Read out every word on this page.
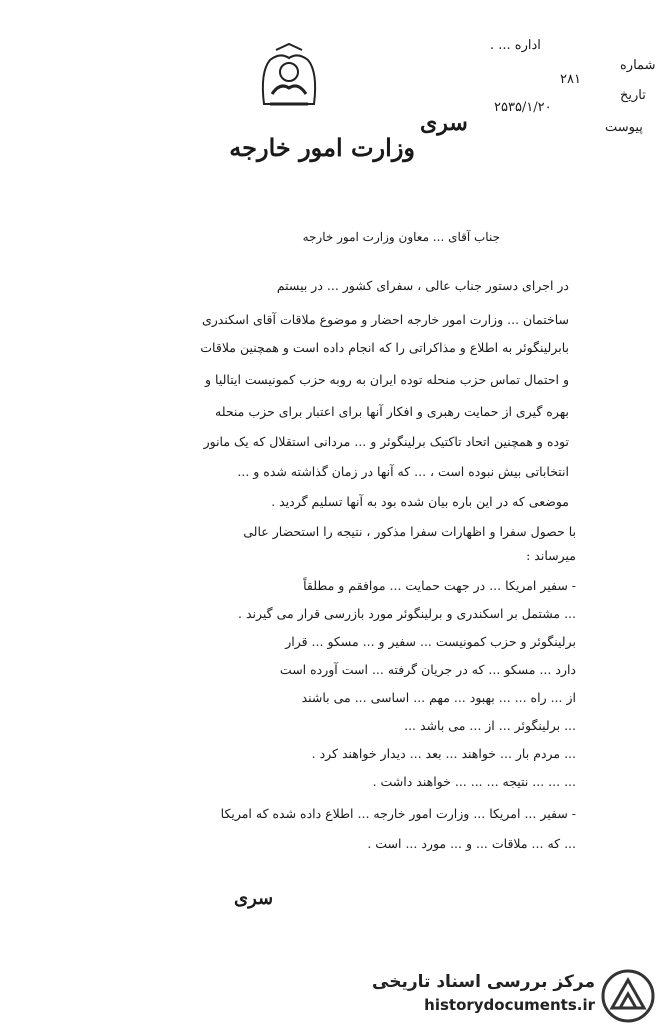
اداره ... .
شماره
۲۸۱
تاریخ
۲۵۳۵/۱/۲۰
پیوست
سری
وزارت امور خارجه
جناب آقای ... معاون وزارت امور خارجه
در اجرای دستور جناب عالی ، سفرای کشور ... در بیستم
ساختمان ... وزارت امور خارجه احضار و موضوع ملاقات آقای اسکندری
بابرلینگوئر به اطلاع و مذاکراتی را که انجام داده است و همچنین ملاقات
و احتمال تماس حزب منحله توده ایران به روبه حزب کمونیست ایتالیا و
بهره گیری از حمایت رهبری و افکار آنها برای اعتبار برای حزب منحله
توده و همچنین اتحاد تاکتیک برلینگوئر و ... مردانی استقلال که یک مانور
انتخاباتی بیش نبوده است ، ... که آنها در زمان گذاشته شده و ...
موضعی که در این باره بیان شده بود به آنها تسلیم گردید .
با حصول سفرا و اظهارات سفرا مذکور ، نتیجه را استحضار عالی
میرساند :
- سفیر امریکا ... در جهت حمایت ... موافقم و مطلقاً
... مشتمل بر اسکندری و برلینگوئر مورد بازرسی قرار می گیرند .
برلینگوئر و حزب کمونیست ... سفیر و ... مسکو ... قرار
دارد ... مسکو ... که در جریان گرفته ... است آورده است
از ... راه ... ... بهبود ... مهم ... اساسی ... می باشند
... برلینگوئر ... از ... می باشد ...
... مردم بار ... خواهند ... بعد ... دیدار خواهند کرد .
... ... ... نتیجه ... ... ... خواهند داشت .
- سفیر ... امریکا ... وزارت امور خارجه ... اطلاع داده شده که امریکا
... که ... ملاقات ... و ... مورد ... است .
سری
مرکز بررسی اسناد تاریخی
historydocuments.ir
